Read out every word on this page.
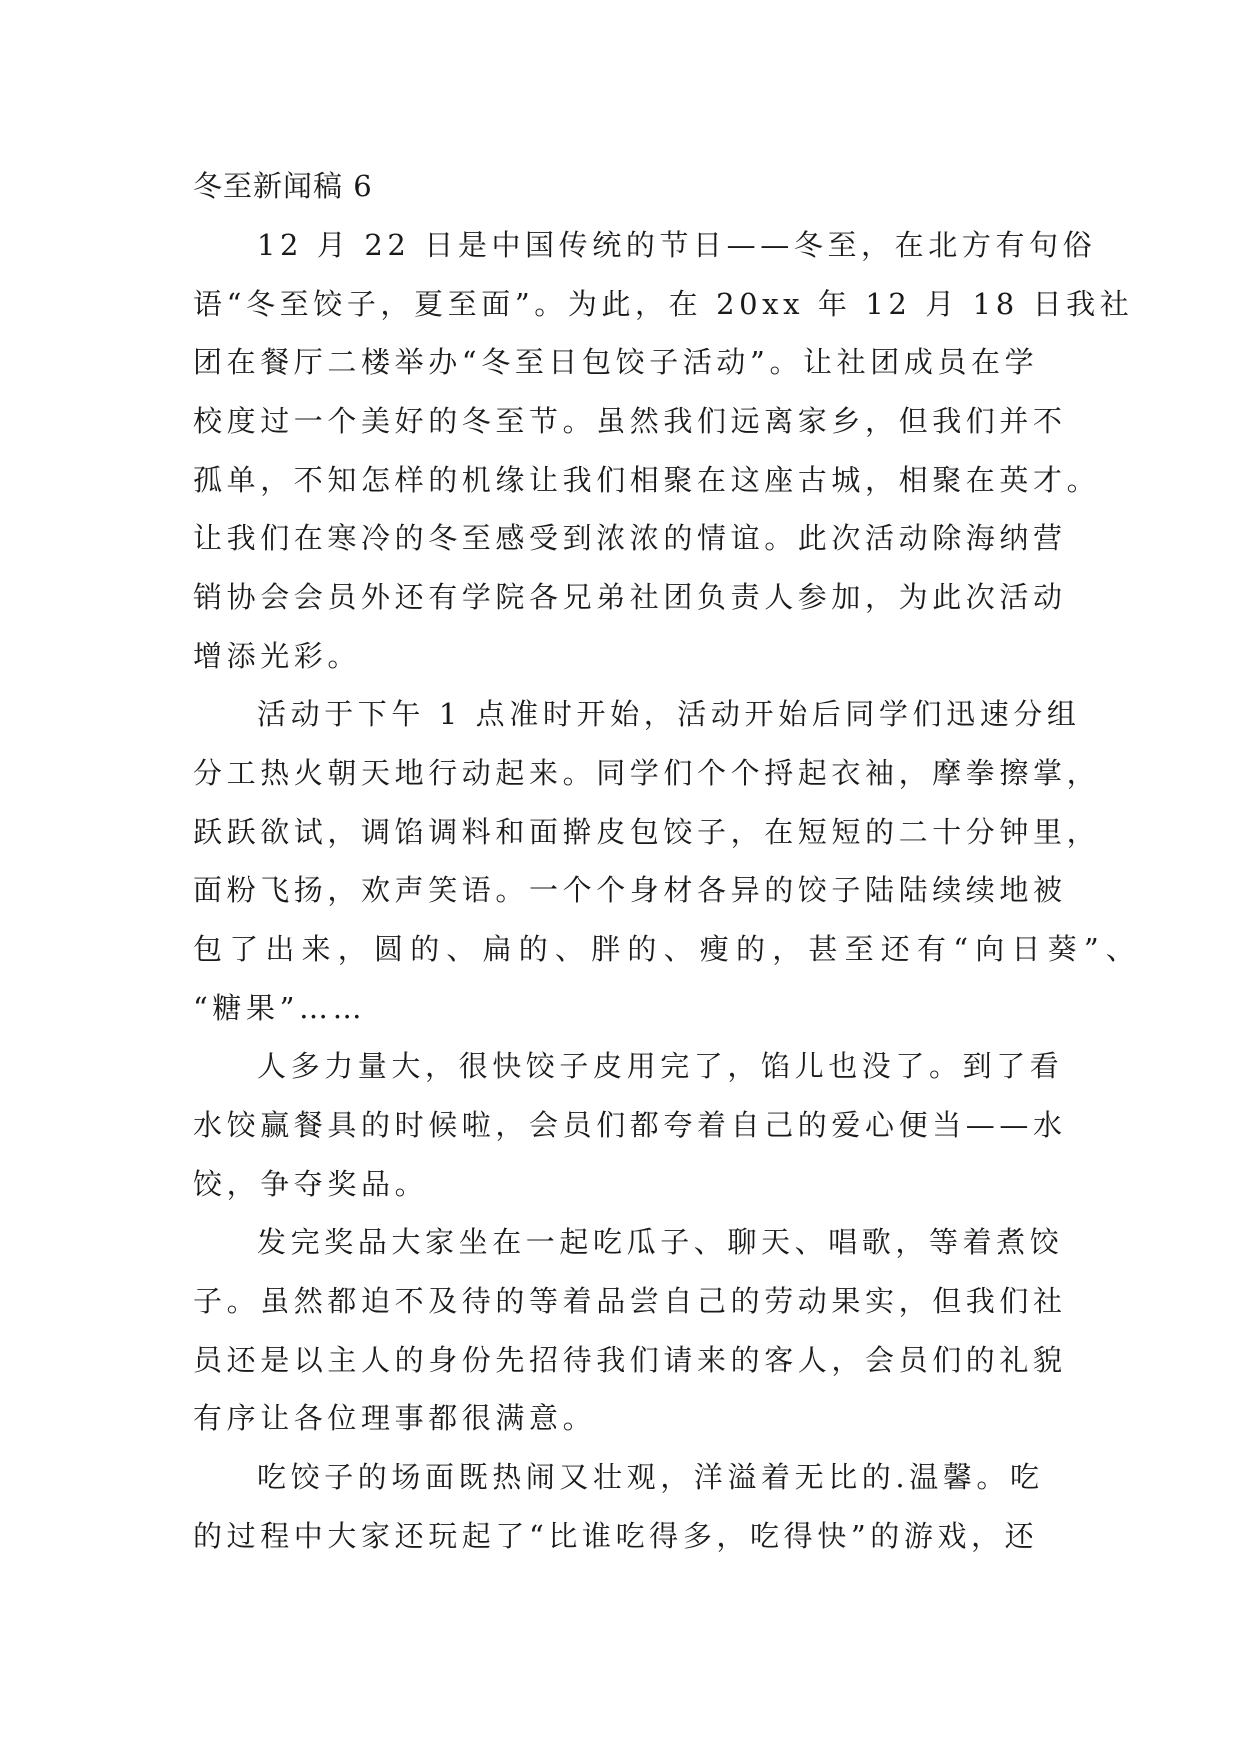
冬至新闻稿 6
12 月 22 日是中国传统的节日——冬至，在北方有句俗
语“冬至饺子，夏至面”。为此，在 20xx 年 12 月 18 日我社
团在餐厅二楼举办“冬至日包饺子活动”。让社团成员在学
校度过一个美好的冬至节。虽然我们远离家乡，但我们并不
孤单，不知怎样的机缘让我们相聚在这座古城，相聚在英才。
让我们在寒冷的冬至感受到浓浓的情谊。此次活动除海纳营
销协会会员外还有学院各兄弟社团负责人参加，为此次活动
增添光彩。
活动于下午 1 点准时开始，活动开始后同学们迅速分组
分工热火朝天地行动起来。同学们个个捋起衣袖，摩拳擦掌，
跃跃欲试，调馅调料和面擀皮包饺子，在短短的二十分钟里，
面粉飞扬，欢声笑语。一个个身材各异的饺子陆陆续续地被
包了出来，圆的、扁的、胖的、瘦的，甚至还有“向日葵”、
“糖果”……
人多力量大，很快饺子皮用完了，馅儿也没了。到了看
水饺赢餐具的时候啦，会员们都夸着自己的爱心便当——水
饺，争夺奖品。
发完奖品大家坐在一起吃瓜子、聊天、唱歌，等着煮饺
子。虽然都迫不及待的等着品尝自己的劳动果实，但我们社
员还是以主人的身份先招待我们请来的客人，会员们的礼貌
有序让各位理事都很满意。
吃饺子的场面既热闹又壮观，洋溢着无比的.温馨。吃
的过程中大家还玩起了“比谁吃得多，吃得快”的游戏，还
